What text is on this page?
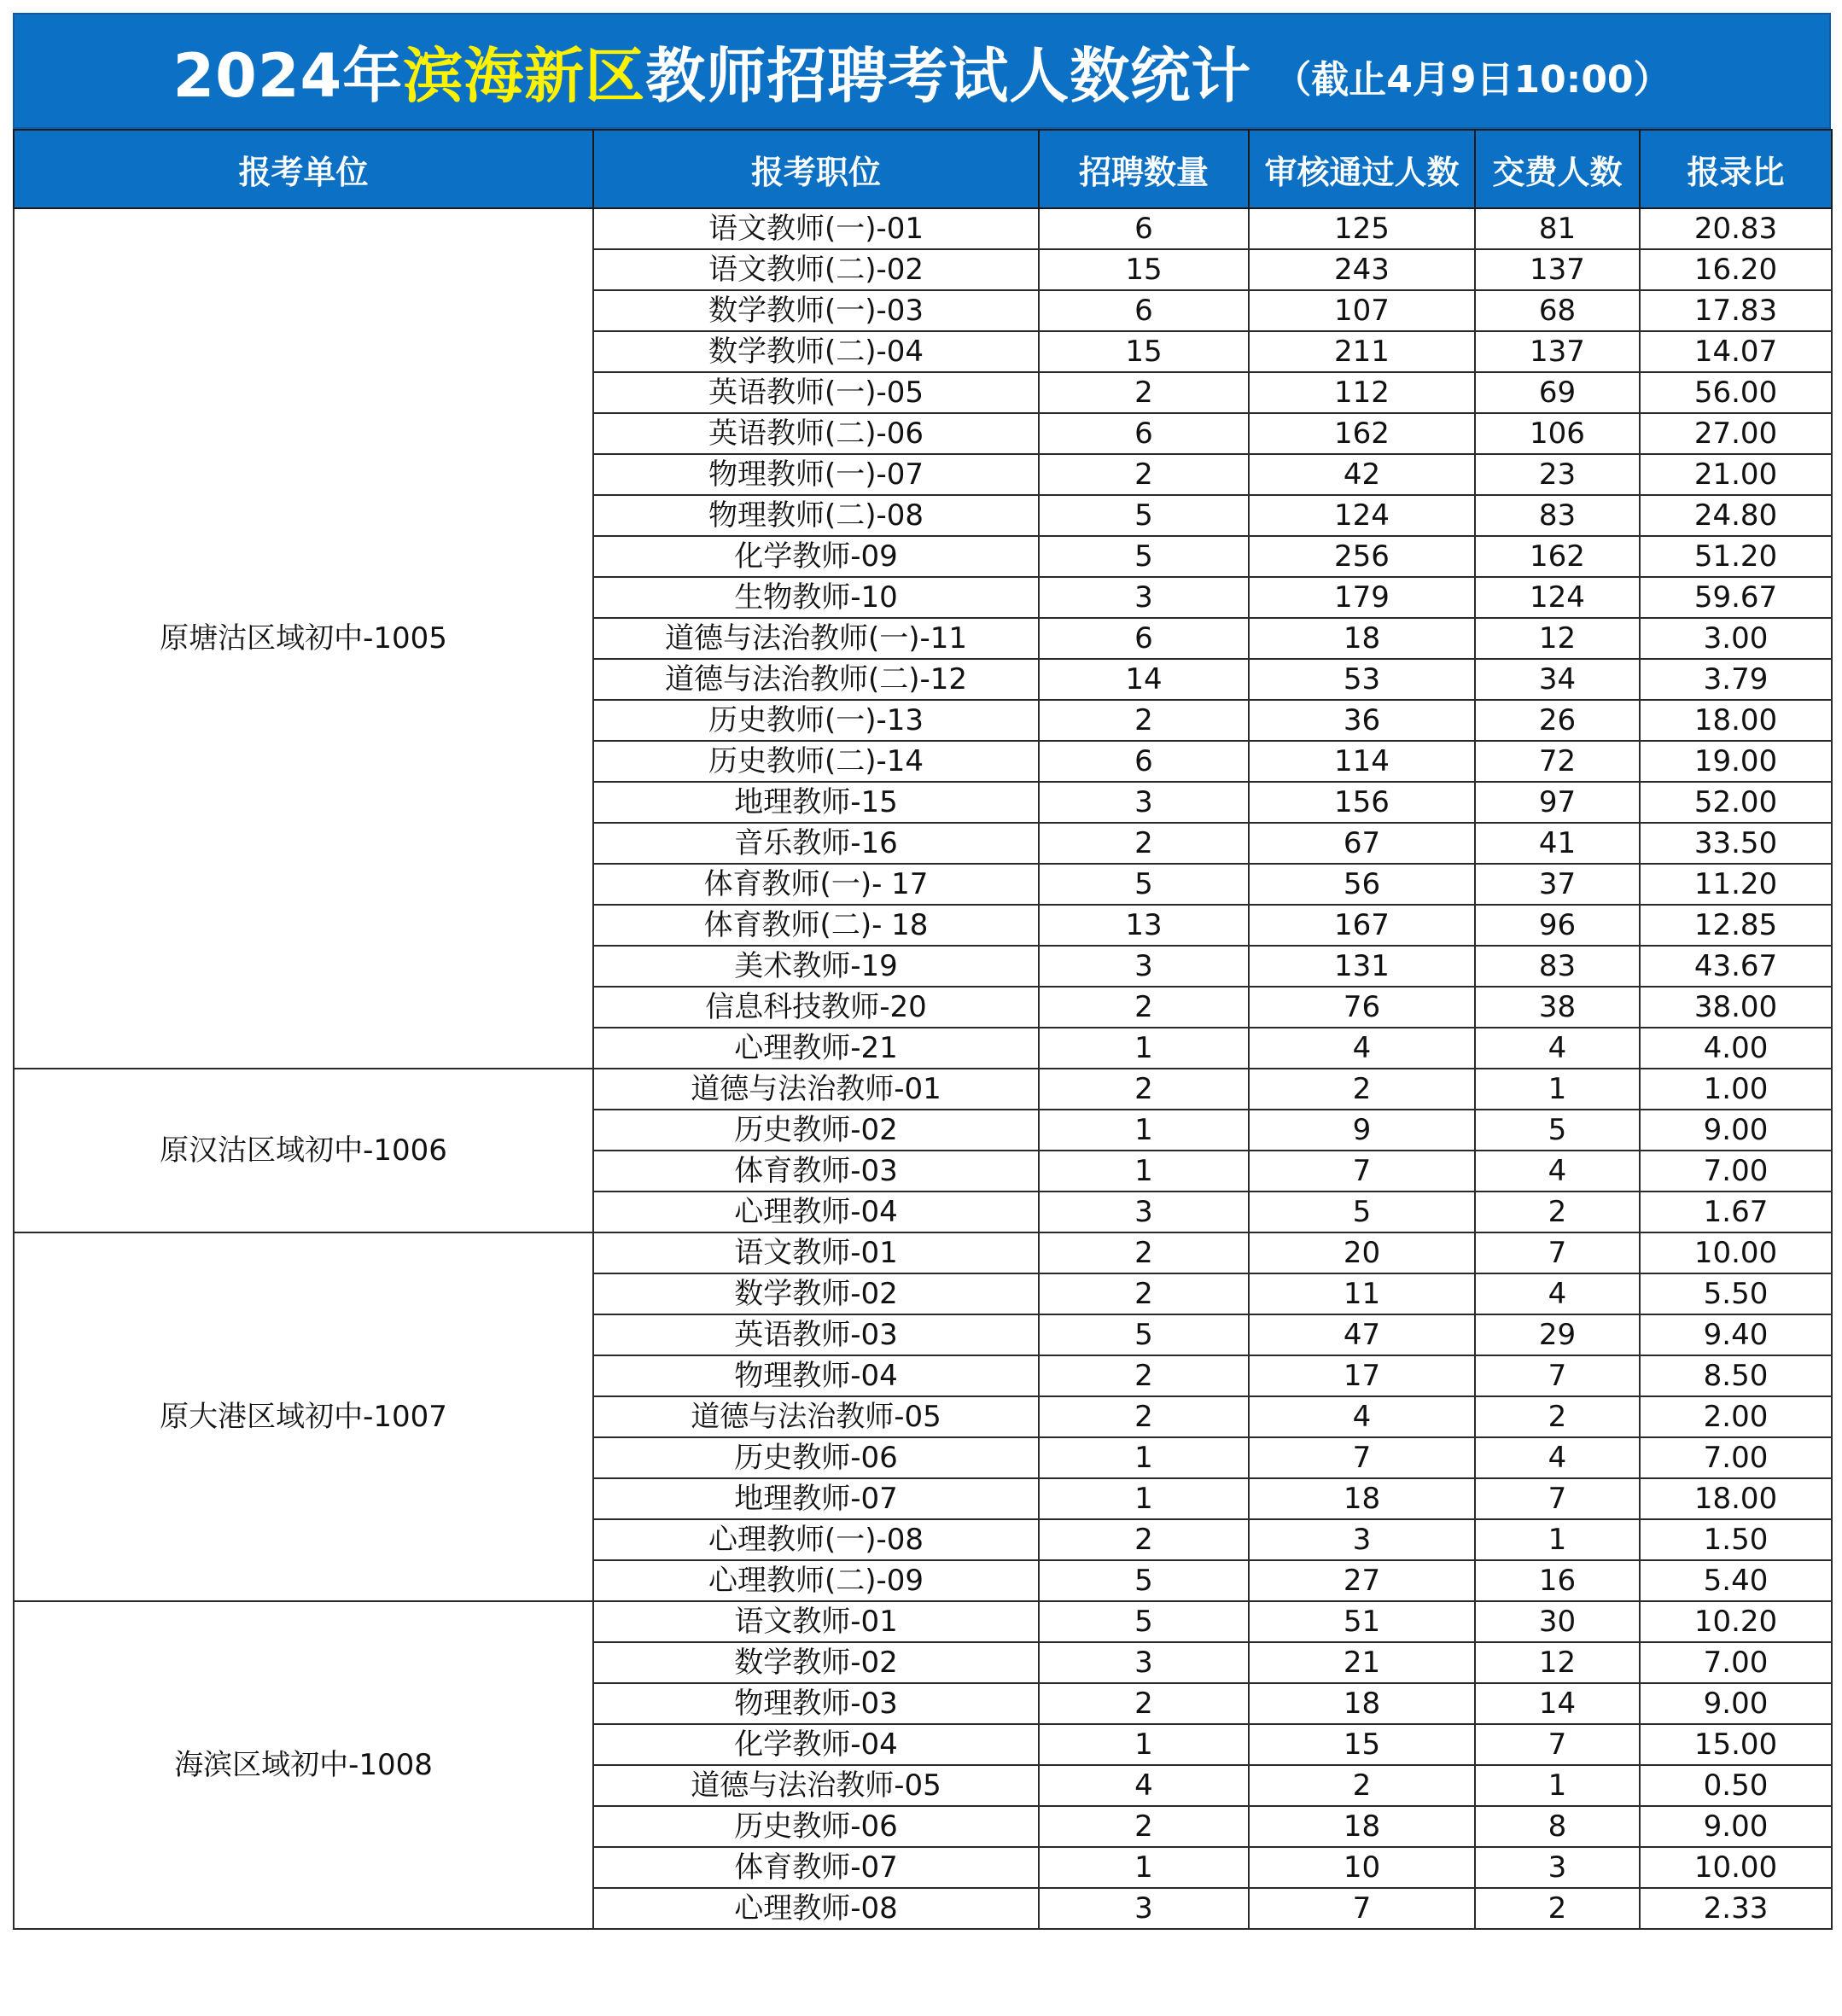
2024年滨海新区教师招聘考试人数统计 （截止4月9日10:00）
报考单位	报考职位	招聘数量	审核通过人数	交费人数	报录比
原塘沽区域初中-1005	语文教师(一)-01	6	125	81	20.83
	语文教师(二)-02	15	243	137	16.20
	数学教师(一)-03	6	107	68	17.83
	数学教师(二)-04	15	211	137	14.07
	英语教师(一)-05	2	112	69	56.00
	英语教师(二)-06	6	162	106	27.00
	物理教师(一)-07	2	42	23	21.00
	物理教师(二)-08	5	124	83	24.80
	化学教师-09	5	256	162	51.20
	生物教师-10	3	179	124	59.67
	道德与法治教师(一)-11	6	18	12	3.00
	道德与法治教师(二)-12	14	53	34	3.79
	历史教师(一)-13	2	36	26	18.00
	历史教师(二)-14	6	114	72	19.00
	地理教师-15	3	156	97	52.00
	音乐教师-16	2	67	41	33.50
	体育教师(一)- 17	5	56	37	11.20
	体育教师(二)- 18	13	167	96	12.85
	美术教师-19	3	131	83	43.67
	信息科技教师-20	2	76	38	38.00
	心理教师-21	1	4	4	4.00
原汉沽区域初中-1006	道德与法治教师-01	2	2	1	1.00
	历史教师-02	1	9	5	9.00
	体育教师-03	1	7	4	7.00
	心理教师-04	3	5	2	1.67
原大港区域初中-1007	语文教师-01	2	20	7	10.00
	数学教师-02	2	11	4	5.50
	英语教师-03	5	47	29	9.40
	物理教师-04	2	17	7	8.50
	道德与法治教师-05	2	4	2	2.00
	历史教师-06	1	7	4	7.00
	地理教师-07	1	18	7	18.00
	心理教师(一)-08	2	3	1	1.50
	心理教师(二)-09	5	27	16	5.40
海滨区域初中-1008	语文教师-01	5	51	30	10.20
	数学教师-02	3	21	12	7.00
	物理教师-03	2	18	14	9.00
	化学教师-04	1	15	7	15.00
	道德与法治教师-05	4	2	1	0.50
	历史教师-06	2	18	8	9.00
	体育教师-07	1	10	3	10.00
	心理教师-08	3	7	2	2.33
